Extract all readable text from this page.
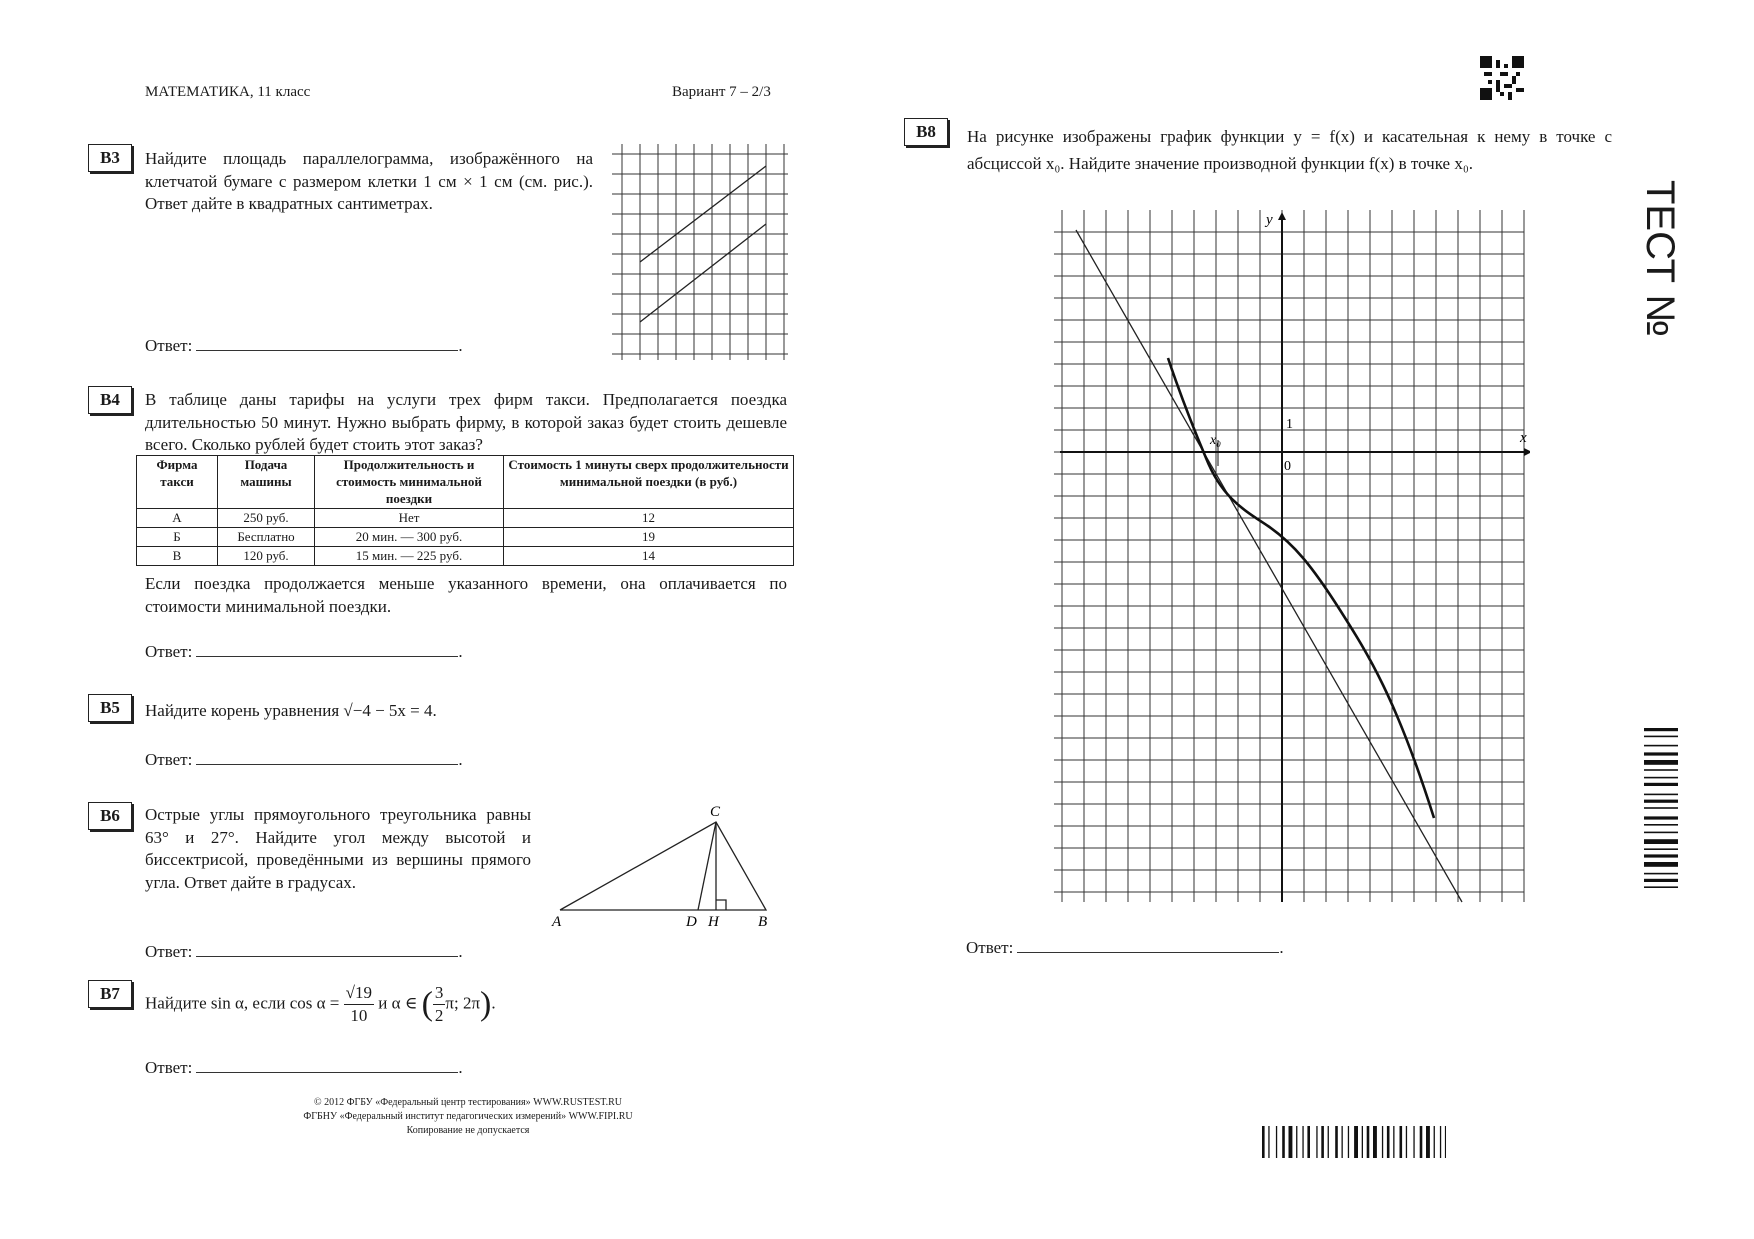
МАТЕМАТИКА, 11 класс	Вариант 7 – 2/3
B3	Найдите площадь параллелограмма, изображённого на клетчатой бумаге с размером клетки 1 см × 1 см (см. рис.). Ответ дайте в квадратных сантиметрах.
Ответ:	.
B4	В таблице даны тарифы на услуги трех фирм такси. Предполагается поездка длительностью 50 минут. Нужно выбрать фирму, в которой заказ будет стоить дешевле всего. Сколько рублей будет стоить этот заказ?
Фирма такси	Подача машины	Продолжительность и стоимость минимальной поездки	Стоимость 1 минуты сверх продолжительности минимальной поездки (в руб.)
А	250 руб.	Нет	12
Б	Бесплатно	20 мин. — 300 руб.	19
В	120 руб.	15 мин. — 225 руб.	14
Если поездка продолжается меньше указанного времени, она оплачивается по стоимости минимальной поездки.
Ответ:	.
B5	Найдите корень уравнения √−4 − 5x = 4.
Ответ:	.
B6	Острые углы прямоугольного треугольника равны 63° и 27°. Найдите угол между высотой и биссектрисой, проведёнными из вершины прямого угла. Ответ дайте в градусах.
C
A	D H	B
Ответ:	.
B7	Найдите sin α, если $\cos \alpha = \frac{√19}{10}$ и α ∈ ( $\frac{3}{2} \pi$; 2π).
Ответ:	.
© 2012 ФГБУ «Федеральный центр тестирования» WWW.RUSTEST.RU
ФГБНУ «Федеральный институт педагогических измерений» WWW.FIPI.RU
Копирование не допускается
B8	На рисунке изображены график функции y = f(x) и касательная к нему в точке с абсциссой x₀. Найдите значение производной функции f(x) в точке x₀.
y
x
1
0
x₀
Ответ:	.
ТЕСТ №
